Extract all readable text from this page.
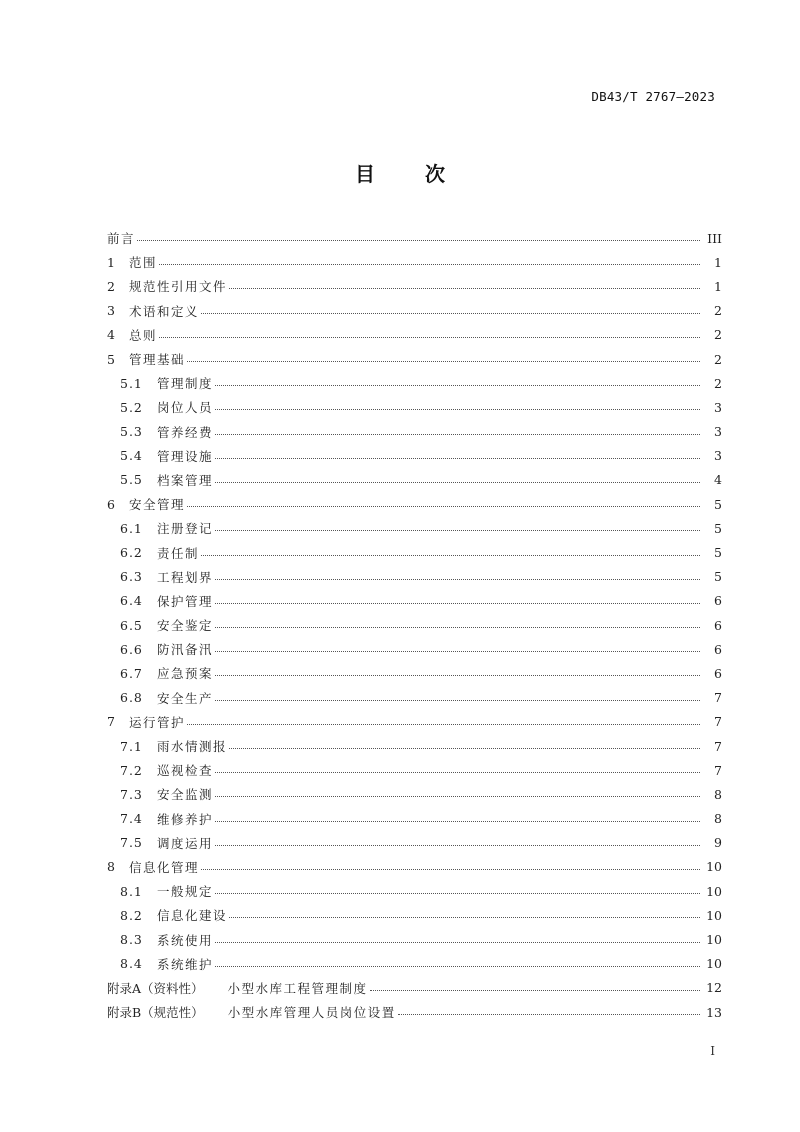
DB43/T 2767—2023
目	次
前言	III
1	范围	1
2	规范性引用文件	1
3	术语和定义	2
4	总则	2
5	管理基础	2
5.1	管理制度	2
5.2	岗位人员	3
5.3	管养经费	3
5.4	管理设施	3
5.5	档案管理	4
6	安全管理	5
6.1	注册登记	5
6.2	责任制	5
6.3	工程划界	5
6.4	保护管理	6
6.5	安全鉴定	6
6.6	防汛备汛	6
6.7	应急预案	6
6.8	安全生产	7
7	运行管护	7
7.1	雨水情测报	7
7.2	巡视检查	7
7.3	安全监测	8
7.4	维修养护	8
7.5	调度运用	9
8	信息化管理	10
8.1	一般规定	10
8.2	信息化建设	10
8.3	系统使用	10
8.4	系统维护	10
附录A（资料性）	小型水库工程管理制度	12
附录B（规范性）	小型水库管理人员岗位设置	13
I
